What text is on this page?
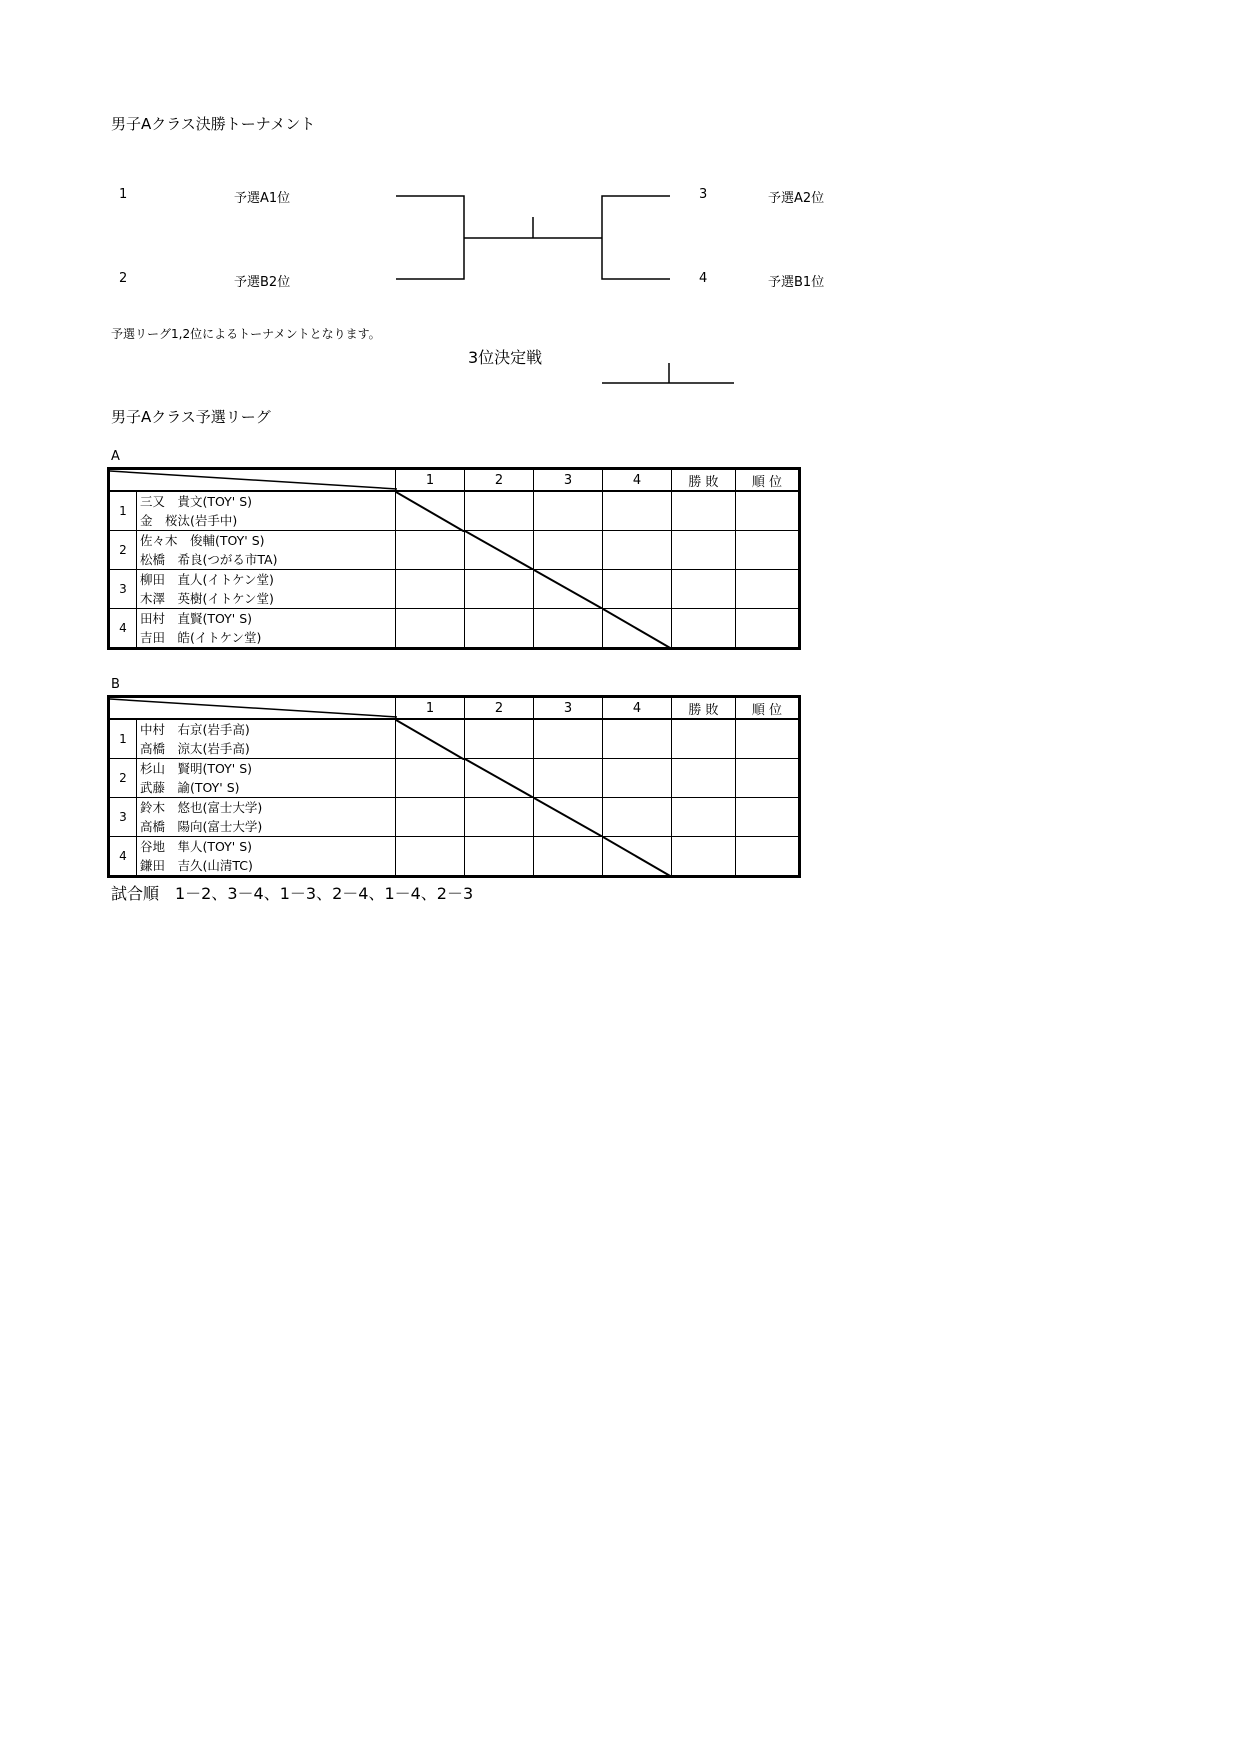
男子Aクラス決勝トーナメント
1	予選A1位
2	予選B2位
3	予選A2位
4	予選B1位
予選リーグ1,2位によるトーナメントとなります。
3位決定戦
男子Aクラス予選リーグ
A
	1	2	3	4	勝 敗	順 位
1	三又　貴文(TOY' S)	

	金　桜汰(岩手中)						
2	佐々木　俊輔(TOY' S)		

	松橋　希良(つがる市TA)						
3	柳田　直人(イトケン堂)			

	木澤　英樹(イトケン堂)						
4	田村　直賢(TOY' S)				

	吉田　皓(イトケン堂)						
B
	1	2	3	4	勝 敗	順 位
1	中村　右京(岩手高)	

	高橋　涼太(岩手高)						
2	杉山　賢明(TOY' S)		

	武藤　諭(TOY' S)						
3	鈴木　悠也(富士大学)			

	高橋　陽向(富士大学)						
4	谷地　隼人(TOY' S)				

	鎌田　吉久(山清TC)						
試合順　1－2、3－4、1－3、2－4、1－4、2－3
